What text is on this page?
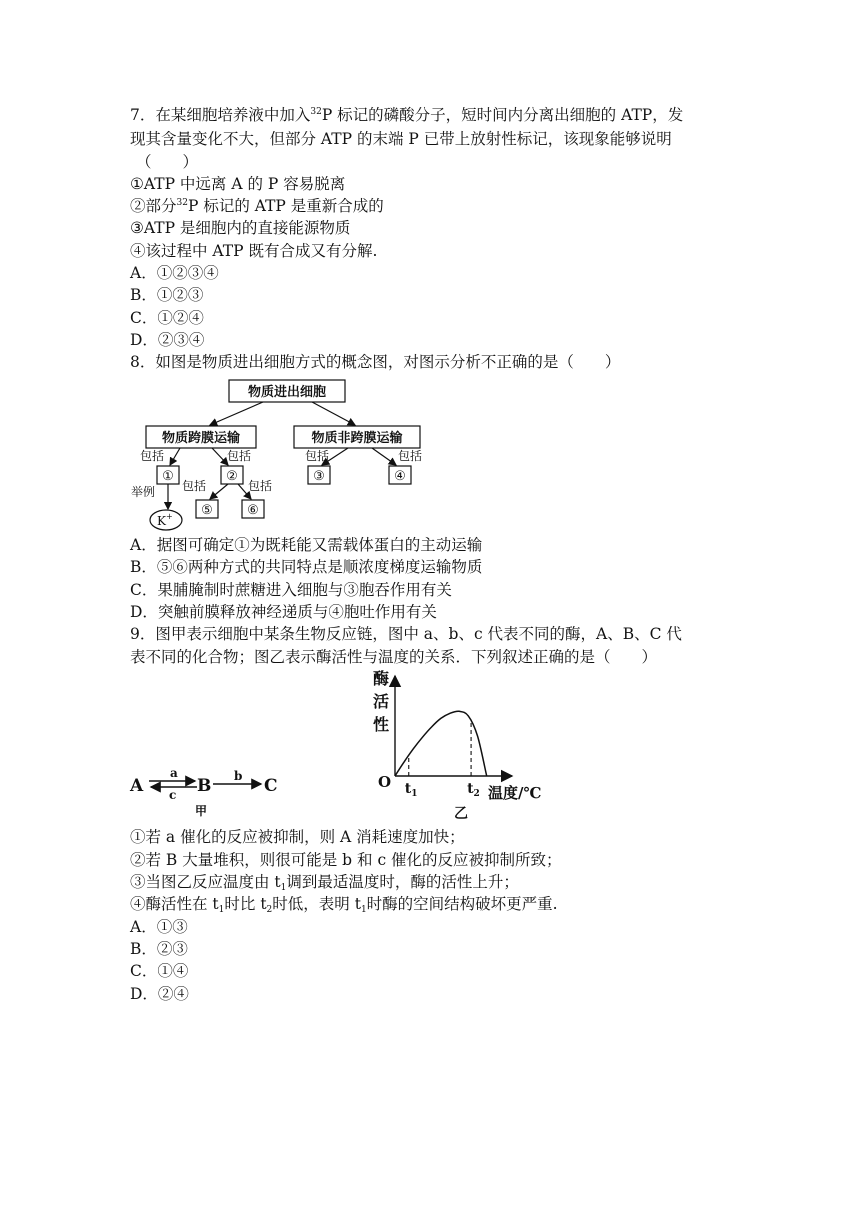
7．在某细胞培养液中加入$^{32}$P 标记的磷酸分子，短时间内分离出细胞的 ATP，发
现其含量变化不大，但部分 ATP 的末端 P 已带上放射性标记，该现象能够说明
（　　）
①ATP 中远离 A 的 P 容易脱离
②部分$^{32}$P 标记的 ATP 是重新合成的
③ATP 是细胞内的直接能源物质
④该过程中 ATP 既有合成又有分解.
A．①②③④
B．①②③
C．①②④
D．②③④
8．如图是物质进出细胞方式的概念图，对图示分析不正确的是（　　）
物质进出细胞
物质跨膜运输	物质非跨膜运输
包括	包括	包括	包括
包括	包括
举例
①	②	③	④
⑤	⑥
K+
A．据图可确定①为既耗能又需载体蛋白的主动运输
B．⑤⑥两种方式的共同特点是顺浓度梯度运输物质
C．果脯腌制时蔗糖进入细胞与③胞吞作用有关
D．突触前膜释放神经递质与④胞吐作用有关
9．图甲表示细胞中某条生物反应链，图中 a、b、c 代表不同的酶，A、B、C 代
表不同的化合物；图乙表示酶活性与温度的关系．下列叙述正确的是（　　）
A	B	C
a	b
c
甲
酶
活
性
O
温度/℃
乙
$t_1$	$t_2$
①若 a 催化的反应被抑制，则 A 消耗速度加快；
②若 B 大量堆积，则很可能是 b 和 c 催化的反应被抑制所致；
③当图乙反应温度由 $t_1$调到最适温度时，酶的活性上升；
④酶活性在 $t_1$时比 $t_2$时低，表明 $t_1$时酶的空间结构破坏更严重.
A．①③
B．②③
C．①④
D．②④
